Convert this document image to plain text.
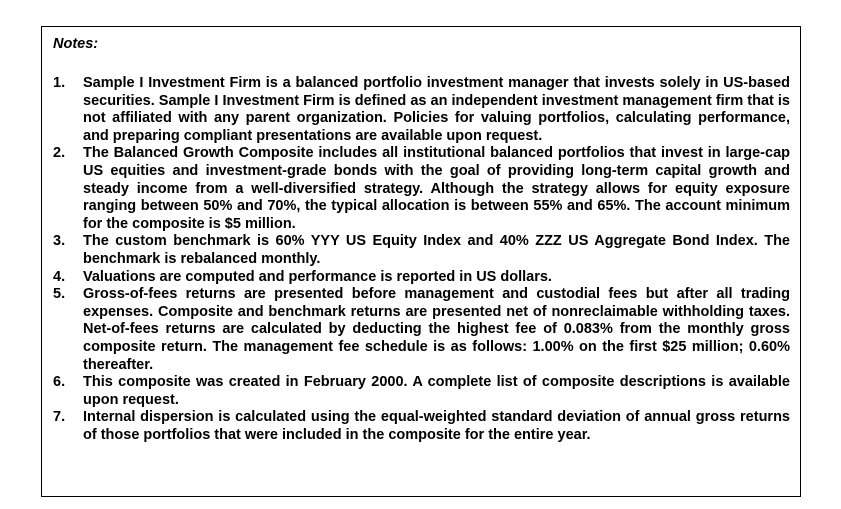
Notes:
1.	Sample I Investment Firm is a balanced portfolio investment manager that invests solely in US-based securities. Sample I Investment Firm is defined as an independent investment management firm that is not affiliated with any parent organization. Policies for valuing portfolios, calculating performance, and preparing compliant presentations are available upon request.
2.	The Balanced Growth Composite includes all institutional balanced portfolios that invest in large-cap US equities and investment-grade bonds with the goal of providing long-term capital growth and steady income from a well-diversified strategy. Although the strategy allows for equity exposure ranging between 50% and 70%, the typical allocation is between 55% and 65%. The account minimum for the composite is $5 million.
3.	The custom benchmark is 60% YYY US Equity Index and 40% ZZZ US Aggregate Bond Index. The benchmark is rebalanced monthly.
4.	Valuations are computed and performance is reported in US dollars.
5.	Gross-of-fees returns are presented before management and custodial fees but after all trading expenses. Composite and benchmark returns are presented net of nonreclaimable withholding taxes. Net-of-fees returns are calculated by deducting the highest fee of 0.083% from the monthly gross composite return. The management fee schedule is as follows: 1.00% on the first $25 million; 0.60% thereafter.
6.	This composite was created in February 2000. A complete list of composite descriptions is available upon request.
7.	Internal dispersion is calculated using the equal-weighted standard deviation of annual gross returns of those portfolios that were included in the composite for the entire year.
